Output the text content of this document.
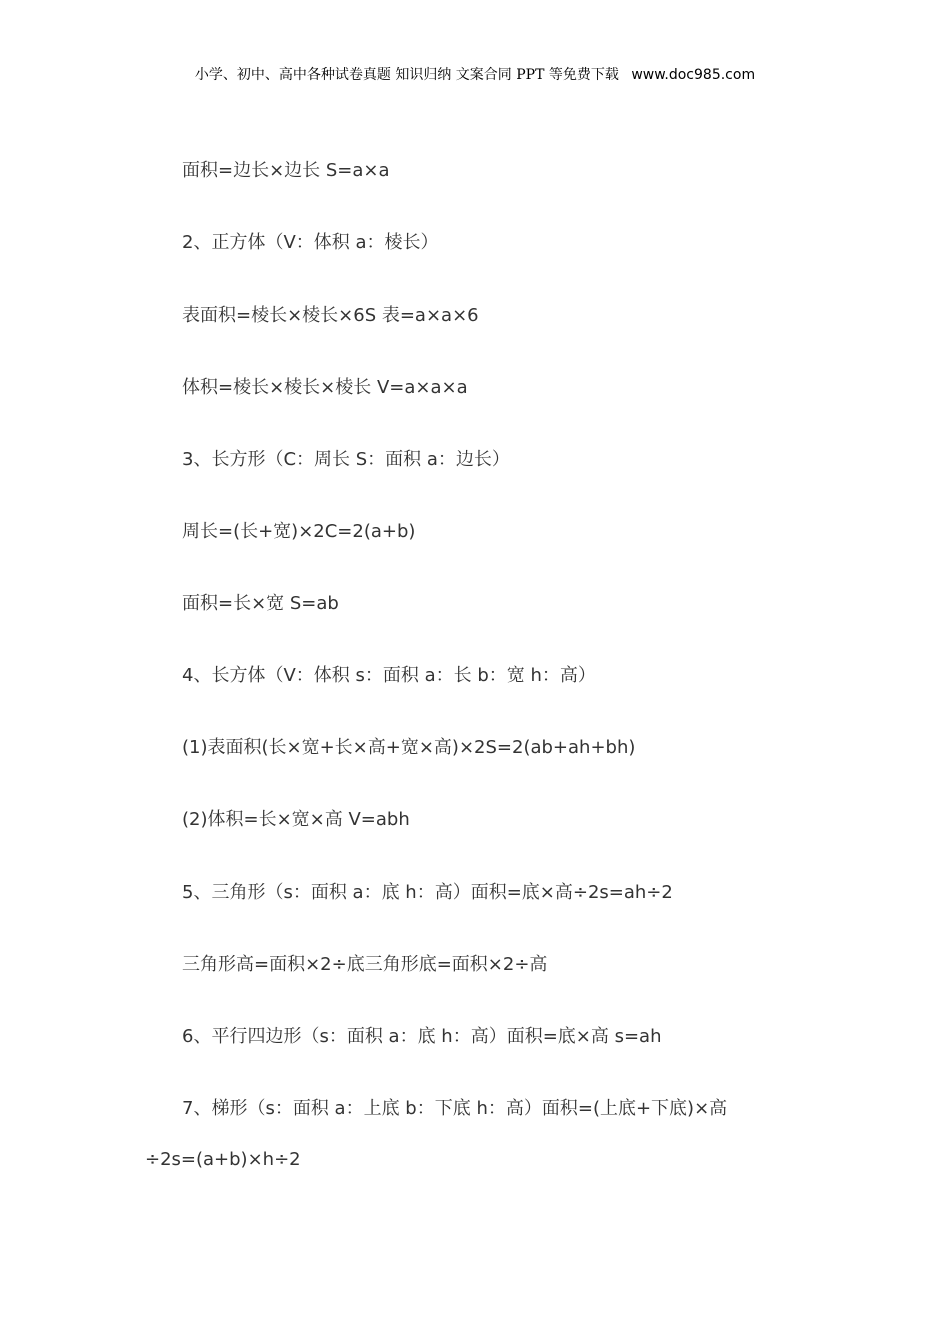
小学、初中、高中各种试卷真题 知识归纳 文案合同 PPT 等免费下载 www.doc985.com
面积=边长×边长 S=a×a
2、正方体（V：体积 a：棱长）
表面积=棱长×棱长×6S 表=a×a×6
体积=棱长×棱长×棱长 V=a×a×a
3、长方形（C：周长 S：面积 a：边长）
周长=(长+宽)×2C=2(a+b)
面积=长×宽 S=ab
4、长方体（V：体积 s：面积 a：长 b：宽 h：高）
(1)表面积(长×宽+长×高+宽×高)×2S=2(ab+ah+bh)
(2)体积=长×宽×高 V=abh
5、三角形（s：面积 a：底 h：高）面积=底×高÷2s=ah÷2
三角形高=面积×2÷底三角形底=面积×2÷高
6、平行四边形（s：面积 a：底 h：高）面积=底×高 s=ah
7、梯形（s：面积 a：上底 b：下底 h：高）面积=(上底+下底)×高
÷2s=(a+b)×h÷2
